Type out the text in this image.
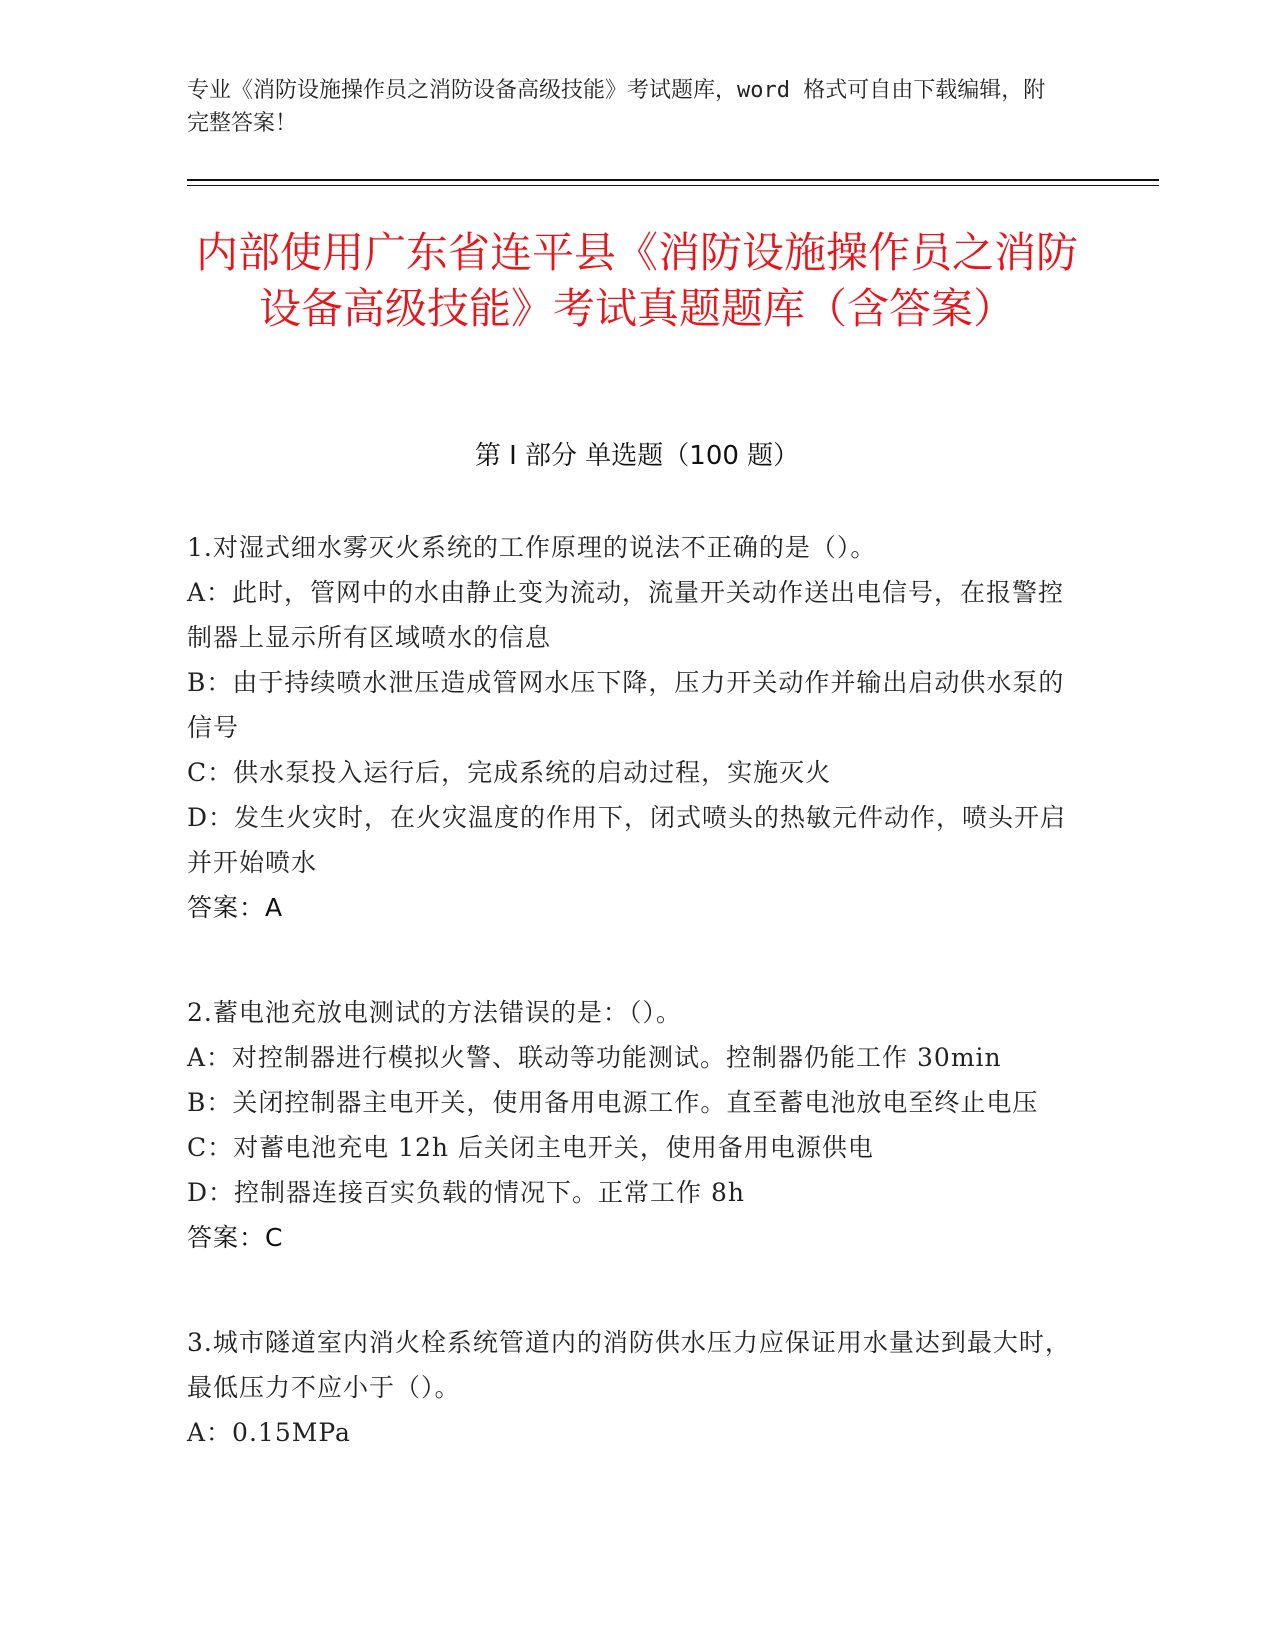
专业《消防设施操作员之消防设备高级技能》考试题库，word 格式可自由下载编辑，附完整答案！
内部使用广东省连平县《消防设施操作员之消防设备高级技能》考试真题题库（含答案）
第 I 部分 单选题（100 题）

1.对湿式细水雾灭火系统的工作原理的说法不正确的是（）。

A：此时，管网中的水由静止变为流动，流量开关动作送出电信号，在报警控制器上显示所有区域喷水的信息

B：由于持续喷水泄压造成管网水压下降，压力开关动作并输出启动供水泵的信号

C：供水泵投入运行后，完成系统的启动过程，实施灭火

D：发生火灾时，在火灾温度的作用下，闭式喷头的热敏元件动作，喷头开启并开始喷水

答案：A

2.蓄电池充放电测试的方法错误的是：（）。

A：对控制器进行模拟火警、联动等功能测试。控制器仍能工作 30min

B：关闭控制器主电开关，使用备用电源工作。直至蓄电池放电至终止电压

C：对蓄电池充电 12h 后关闭主电开关，使用备用电源供电

D：控制器连接百实负载的情况下。正常工作 8h

答案：C

3.城市隧道室内消火栓系统管道内的消防供水压力应保证用水量达到最大时，最低压力不应小于（）。

A：0.15MPa
